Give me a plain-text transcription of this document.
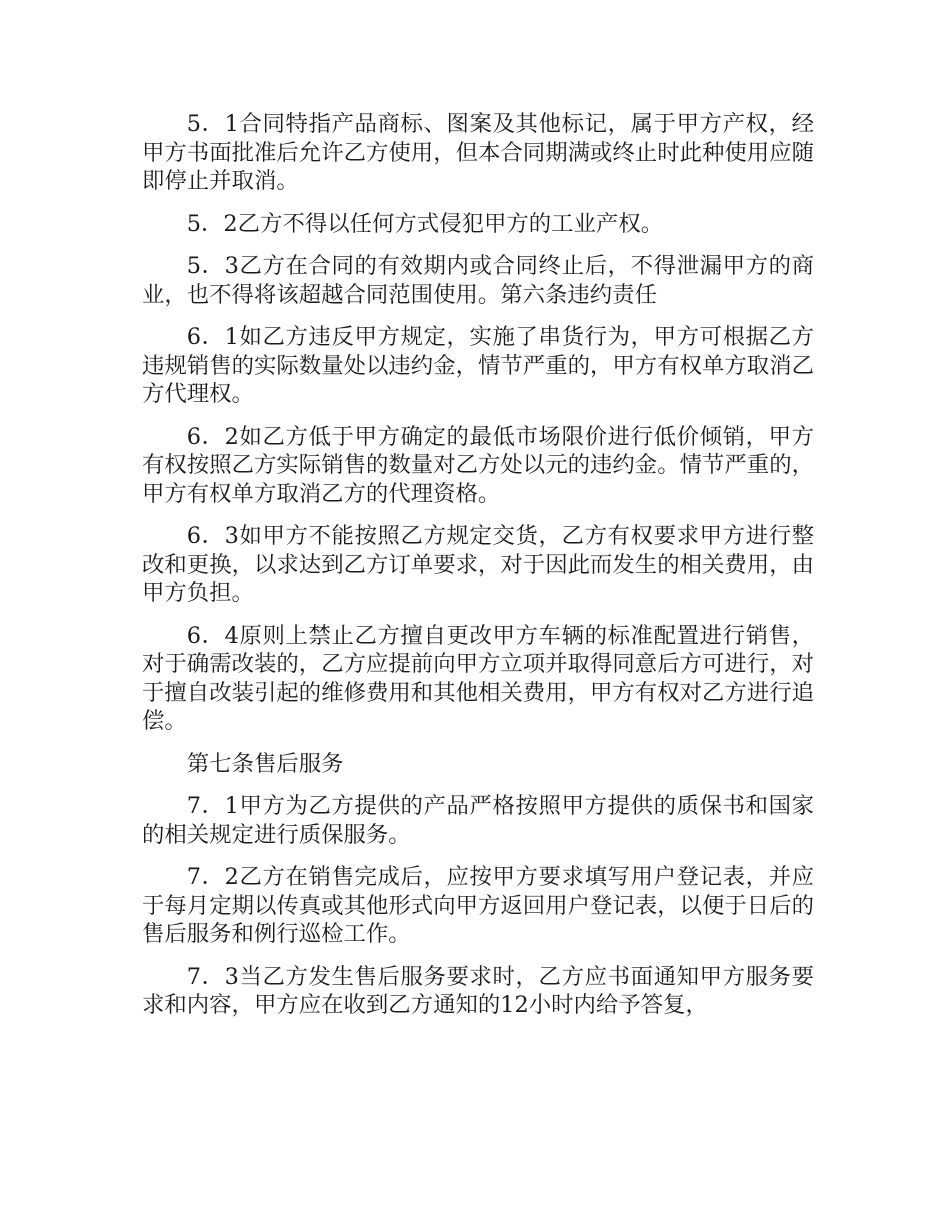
5．1合同特指产品商标、图案及其他标记，属于甲方产权，经甲方书面批准后允许乙方使用，但本合同期满或终止时此种使用应随即停止并取消。

5．2乙方不得以任何方式侵犯甲方的工业产权。

5．3乙方在合同的有效期内或合同终止后，不得泄漏甲方的商业，也不得将该超越合同范围使用。第六条违约责任

6．1如乙方违反甲方规定，实施了串货行为，甲方可根据乙方违规销售的实际数量处以违约金，情节严重的，甲方有权单方取消乙方代理权。

6．2如乙方低于甲方确定的最低市场限价进行低价倾销，甲方有权按照乙方实际销售的数量对乙方处以元的违约金。情节严重的，甲方有权单方取消乙方的代理资格。

6．3如甲方不能按照乙方规定交货，乙方有权要求甲方进行整改和更换，以求达到乙方订单要求，对于因此而发生的相关费用，由甲方负担。

6．4原则上禁止乙方擅自更改甲方车辆的标准配置进行销售，对于确需改装的，乙方应提前向甲方立项并取得同意后方可进行，对于擅自改装引起的维修费用和其他相关费用，甲方有权对乙方进行追偿。

第七条售后服务

7．1甲方为乙方提供的产品严格按照甲方提供的质保书和国家的相关规定进行质保服务。

7．2乙方在销售完成后，应按甲方要求填写用户登记表，并应于每月定期以传真或其他形式向甲方返回用户登记表，以便于日后的售后服务和例行巡检工作。

7．3当乙方发生售后服务要求时，乙方应书面通知甲方服务要求和内容，甲方应在收到乙方通知的12小时内给予答复，
